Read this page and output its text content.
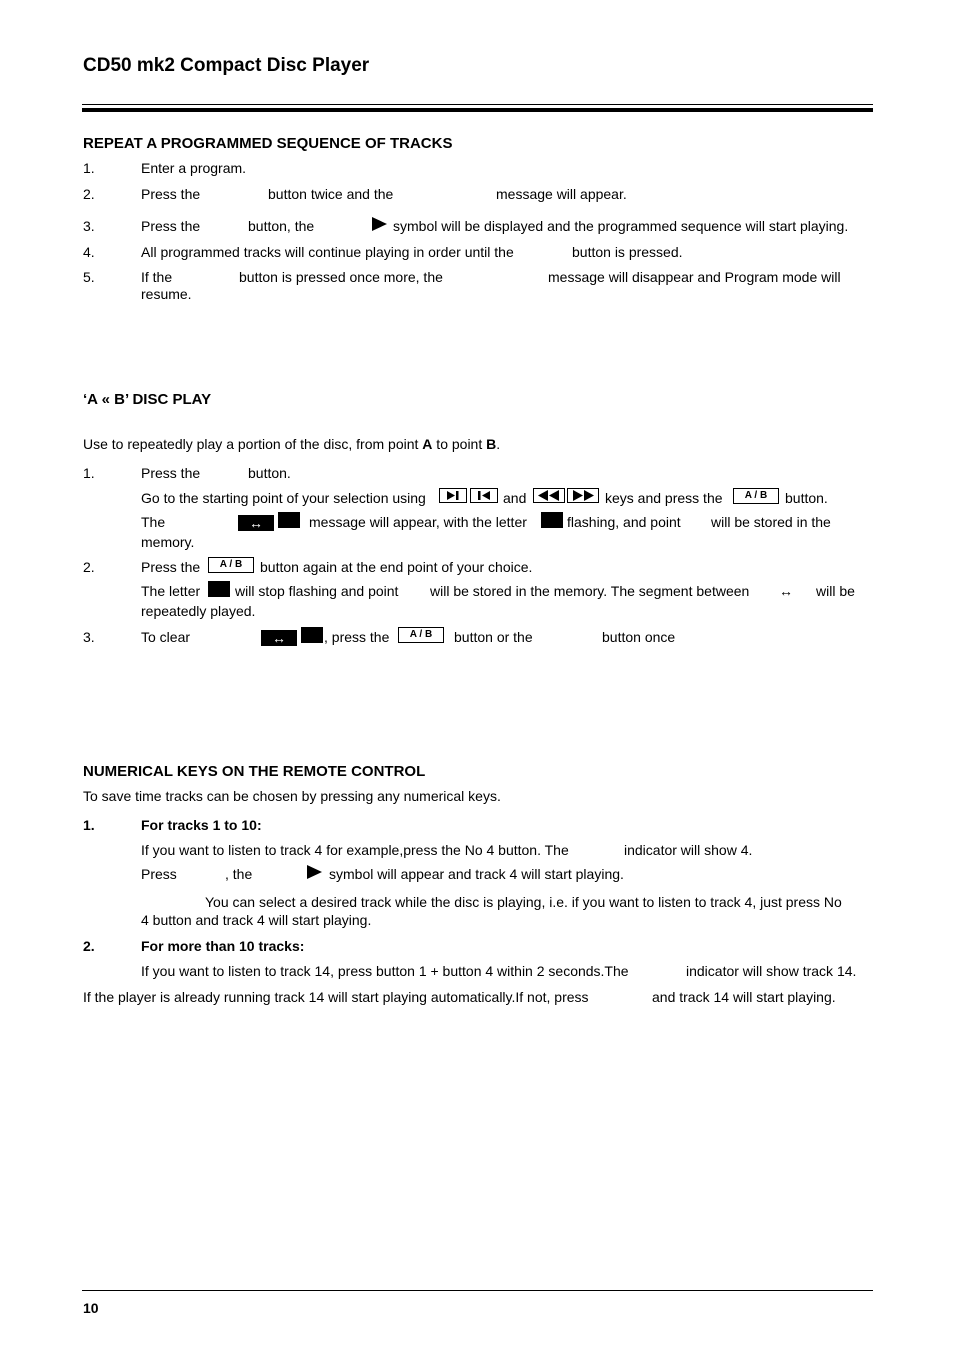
CD50 mk2 Compact Disc Player
REPEAT A PROGRAMMED SEQUENCE OF TRACKS
1.	Enter a program.
2.	Press the	button twice and the	message will appear.
3.	Press the	button, the	symbol will be displayed and the programmed sequence will start playing.
4.	All programmed tracks will continue playing in order until the	button is pressed.
5.	If the	button is pressed once more, the	message will disappear and Program mode will
resume.
‘A « B’ DISC PLAY
Use to repeatedly play a portion of the disc, from point A to point B.
1.	Press the	button.
Go to the starting point of your selection using	and	keys and press the	A / B	button.
The	↔	message will appear, with the letter	flashing, and point will be stored in the
memory.
2.	Press the	A / B	button again at the end point of your choice.
The letter will stop flashing and point will be stored in the memory. The segment between ↔ will be
repeatedly played.
3.	To clear	↔	, press the	A / B	button or the	button once
NUMERICAL KEYS ON THE REMOTE CONTROL
To save time tracks can be chosen by pressing any numerical keys.
1.	For tracks 1 to 10:
If you want to listen to track 4 for example,press the No 4 button. The	indicator will show 4.
Press	, the	symbol will appear and track 4 will start playing.
You can select a desired track while the disc is playing, i.e. if you want to listen to track 4, just press No
4 button and track 4 will start playing.
2.	For more than 10 tracks:
If you want to listen to track 14, press button 1 + button 4 within 2 seconds.The	indicator will show track 14.
If the player is already running track 14 will start playing automatically.If not, press	and track 14 will start playing.
10
